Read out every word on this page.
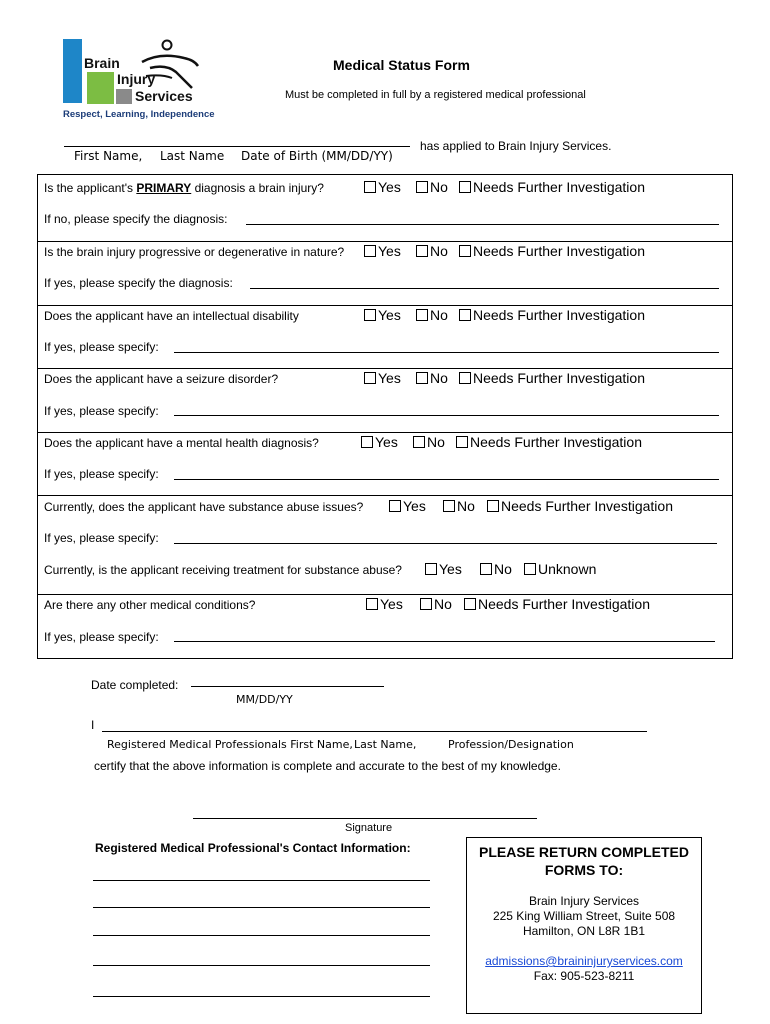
Brain
Injury
Services
Respect, Learning, Independence
Medical Status Form
Must be completed in full by a registered medical professional
has applied to Brain Injury Services.
First Name, Last Name Date of Birth (MM/DD/YY)
Is the applicant's PRIMARY diagnosis a brain injury?	Yes No Needs Further Investigation
If no, please specify the diagnosis:
Is the brain injury progressive or degenerative in nature? Yes No Needs Further Investigation
If yes, please specify the diagnosis:
Does the applicant have an intellectual disability	Yes No Needs Further Investigation
If yes, please specify:
Does the applicant have a seizure disorder?	Yes No Needs Further Investigation
If yes, please specify:
Does the applicant have a mental health diagnosis?	Yes No Needs Further Investigation
If yes, please specify:
Currently, does the applicant have substance abuse issues?	Yes No Needs Further Investigation
If yes, please specify:
Currently, is the applicant receiving treatment for substance abuse?	Yes No Unknown
Are there any other medical conditions?	Yes No Needs Further Investigation
If yes, please specify:
Date completed:
MM/DD/YY
I
Registered Medical Professionals First Name, Last Name,	Profession/Designation
certify that the above information is complete and accurate to the best of my knowledge.
Signature
Registered Medical Professional's Contact Information:	PLEASE RETURN COMPLETED
FORMS TO:
Brain Injury Services
225 King William Street, Suite 508
Hamilton, ON L8R 1B1
admissions@braininjuryservices.com
Fax: 905-523-8211
